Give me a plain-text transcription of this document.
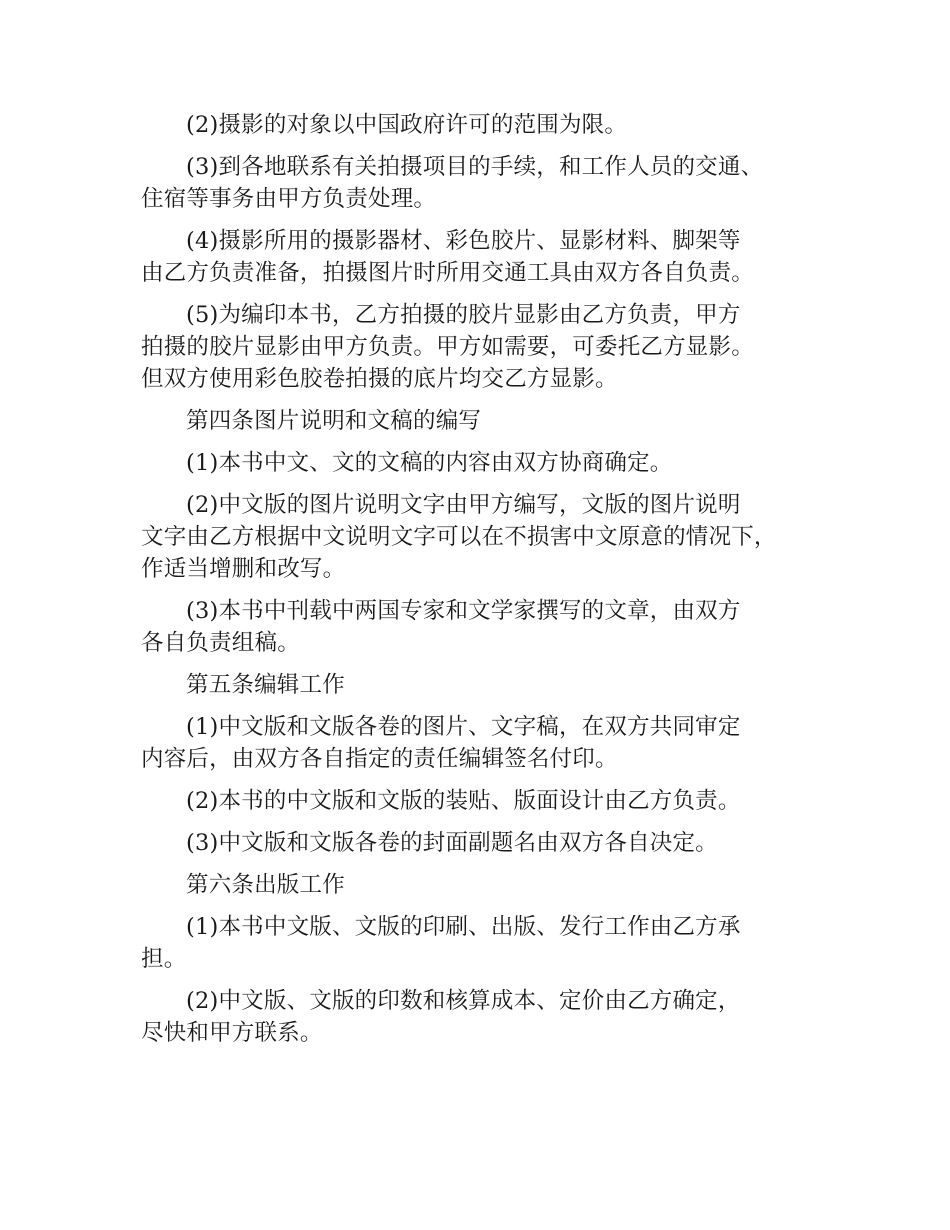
(2)摄影的对象以中国政府许可的范围为限。

(3)到各地联系有关拍摄项目的手续，和工作人员的交通、
住宿等事务由甲方负责处理。

(4)摄影所用的摄影器材、彩色胶片、显影材料、脚架等
由乙方负责准备，拍摄图片时所用交通工具由双方各自负责。

(5)为编印本书，乙方拍摄的胶片显影由乙方负责，甲方
拍摄的胶片显影由甲方负责。甲方如需要，可委托乙方显影。
但双方使用彩色胶卷拍摄的底片均交乙方显影。

第四条图片说明和文稿的编写

(1)本书中文、文的文稿的内容由双方协商确定。

(2)中文版的图片说明文字由甲方编写，文版的图片说明
文字由乙方根据中文说明文字可以在不损害中文原意的情况下，
作适当增删和改写。

(3)本书中刊载中两国专家和文学家撰写的文章，由双方
各自负责组稿。

第五条编辑工作

(1)中文版和文版各卷的图片、文字稿，在双方共同审定
内容后，由双方各自指定的责任编辑签名付印。

(2)本书的中文版和文版的装贴、版面设计由乙方负责。

(3)中文版和文版各卷的封面副题名由双方各自决定。

第六条出版工作

(1)本书中文版、文版的印刷、出版、发行工作由乙方承
担。

(2)中文版、文版的印数和核算成本、定价由乙方确定，
尽快和甲方联系。
